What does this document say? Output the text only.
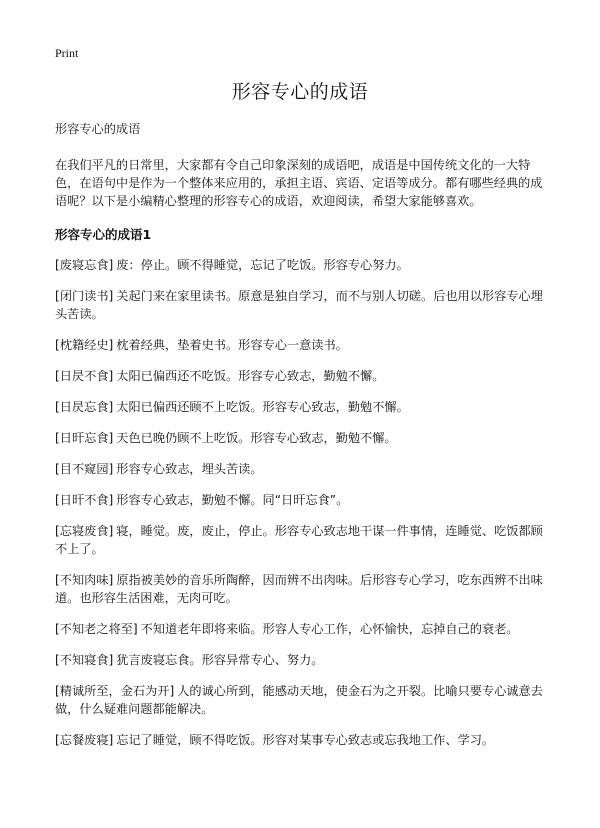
Print
形容专心的成语

形容专心的成语

在我们平凡的日常里，大家都有令自己印象深刻的成语吧，成语是中国传统文化的一大特色，在语句中是作为一个整体来应用的，承担主语、宾语、定语等成分。都有哪些经典的成语呢？以下是小编精心整理的形容专心的成语，欢迎阅读，希望大家能够喜欢。

形容专心的成语1

[废寝忘食] 废：停止。顾不得睡觉，忘记了吃饭。形容专心努力。

[闭门读书] 关起门来在家里读书。原意是独自学习，而不与别人切磋。后也用以形容专心埋头苦读。

[枕籍经史] 枕着经典，垫着史书。形容专心一意读书。

[日昃不食] 太阳已偏西还不吃饭。形容专心致志，勤勉不懈。

[日昃忘食] 太阳已偏西还顾不上吃饭。形容专心致志，勤勉不懈。

[日旰忘食] 天色已晚仍顾不上吃饭。形容专心致志，勤勉不懈。

[目不窥园] 形容专心致志，埋头苦读。

[日旰不食] 形容专心致志，勤勉不懈。同“日旰忘食”。

[忘寝废食] 寝，睡觉。废，废止，停止。形容专心致志地干谋一件事情，连睡觉、吃饭都顾不上了。

[不知肉味] 原指被美妙的音乐所陶醉，因而辨不出肉味。后形容专心学习，吃东西辨不出味道。也形容生活困难，无肉可吃。

[不知老之将至] 不知道老年即将来临。形容人专心工作，心怀愉快，忘掉自己的衰老。

[不知寝食] 犹言废寝忘食。形容异常专心、努力。

[精诚所至，金石为开] 人的诚心所到，能感动天地，使金石为之开裂。比喻只要专心诚意去做，什么疑难问题都能解决。

[忘餐废寝] 忘记了睡觉，顾不得吃饭。形容对某事专心致志或忘我地工作、学习。
